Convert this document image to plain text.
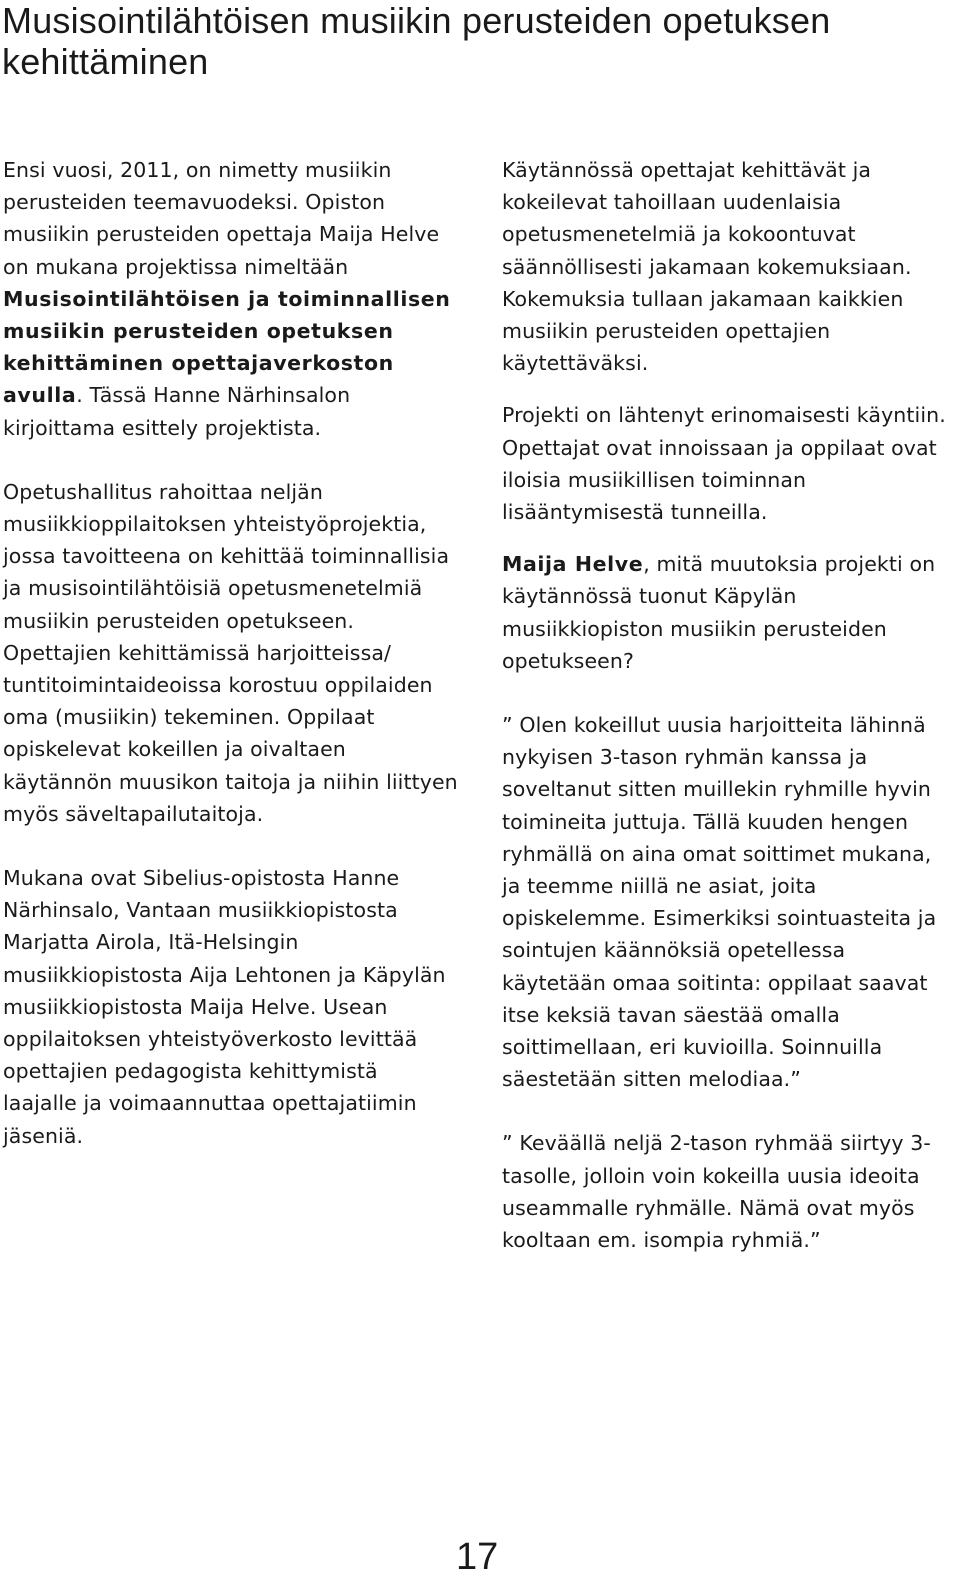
Musisointilähtöisen musiikin perusteiden opetuksen kehittäminen

Ensi vuosi, 2011, on nimetty musiikin perusteiden teemavuodeksi. Opiston musiikin perusteiden opettaja Maija Helve on mukana projektissa nimeltään Musisointilähtöisen ja toiminnallisen musiikin perusteiden opetuksen kehittäminen opettajaverkoston avulla. Tässä Hanne Närhinsalon kirjoittama esittely projektista.

Opetushallitus rahoittaa neljän musiikkioppilaitoksen yhteistyöprojektia, jossa tavoitteena on kehittää toiminnallisia ja musisointilähtöisiä opetusmenetelmiä musiikin perusteiden opetukseen. Opettajien kehittämissä harjoitteissa/ tuntitoimintaideoissa korostuu oppilaiden oma (musiikin) tekeminen. Oppilaat opiskelevat kokeillen ja oivaltaen käytännön muusikon taitoja ja niihin liittyen myös säveltapailutaitoja.

Mukana ovat Sibelius-opistosta Hanne Närhinsalo, Vantaan musiikkiopistosta Marjatta Airola, Itä-Helsingin musiikkiopistosta Aija Lehtonen ja Käpylän musiikkiopistosta Maija Helve. Usean oppilaitoksen yhteistyöverkosto levittää opettajien pedagogista kehittymistä laajalle ja voimaannuttaa opettajatiimin jäseniä.

Käytännössä opettajat kehittävät ja kokeilevat tahoillaan uudenlaisia opetusmenetelmiä ja kokoontuvat säännöllisesti jakamaan kokemuksiaan.

Kokemuksia tullaan jakamaan kaikkien musiikin perusteiden opettajien käytettäväksi.

Projekti on lähtenyt erinomaisesti käyntiin. Opettajat ovat innoissaan ja oppilaat ovat iloisia musiikillisen toiminnan lisääntymisestä tunneilla.

Maija Helve, mitä muutoksia projekti on käytännössä tuonut Käpylän musiikkiopiston musiikin perusteiden opetukseen?

” Olen kokeillut uusia harjoitteita lähinnä nykyisen 3-tason ryhmän kanssa ja soveltanut sitten muillekin ryhmille hyvin toimineita juttuja. Tällä kuuden hengen ryhmällä on aina omat soittimet mukana, ja teemme niillä ne asiat, joita opiskelemme. Esimerkiksi sointuasteita ja sointujen käännöksiä opetellessa käytetään omaa soitinta: oppilaat saavat itse keksiä tavan säestää omalla soittimellaan, eri kuvioilla. Soinnuilla säestetään sitten melodiaa.”

” Keväällä neljä 2-tason ryhmää siirtyy 3-tasolle, jolloin voin kokeilla uusia ideoita useammalle ryhmälle. Nämä ovat myös kooltaan em. isompia ryhmiä.”

17
